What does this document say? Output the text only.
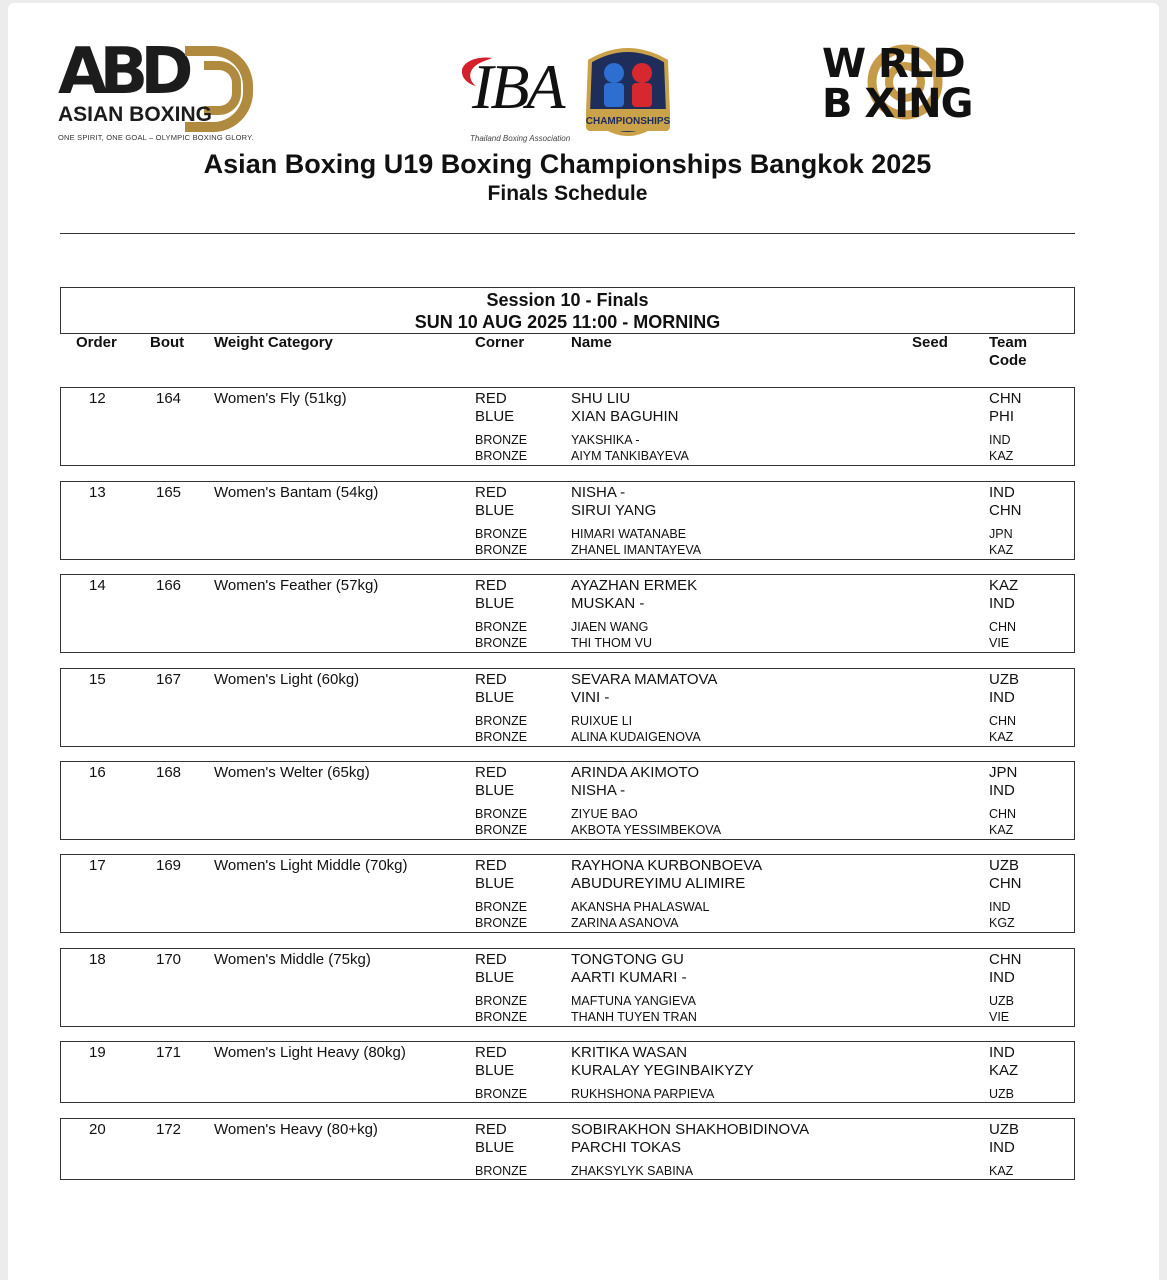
ABD
ASIAN BOXING
ONE SPIRIT, ONE GOAL – OLYMPIC BOXING GLORY.
IBA
Thailand Boxing Association
CHAMPIONSHIPS
W RLD
B XING
Asian Boxing U19 Boxing Championships Bangkok 2025
Finals Schedule
Session 10 - Finals
SUN 10 AUG 2025 11:00 - MORNING
Order Bout Weight Category	Corner	Name	Seed	Team
Code
12	164 Women's Fly (51kg)	RED	SHU LIU	CHN
BLUE	XIAN BAGUHIN	PHI
BRONZE	YAKSHIKA -	IND
BRONZE	AIYM TANKIBAYEVA	KAZ
13	165 Women's Bantam (54kg)	RED	NISHA -	IND
BLUE	SIRUI YANG	CHN
BRONZE	HIMARI WATANABE	JPN
BRONZE	ZHANEL IMANTAYEVA	KAZ
14	166 Women's Feather (57kg)	RED	AYAZHAN ERMEK	KAZ
BLUE	MUSKAN -	IND
BRONZE	JIAEN WANG	CHN
BRONZE	THI THOM VU	VIE
15	167 Women's Light (60kg)	RED	SEVARA MAMATOVA	UZB
BLUE	VINI -	IND
BRONZE	RUIXUE LI	CHN
BRONZE	ALINA KUDAIGENOVA	KAZ
16	168 Women's Welter (65kg)	RED	ARINDA AKIMOTO	JPN
BLUE	NISHA -	IND
BRONZE	ZIYUE BAO	CHN
BRONZE	AKBOTA YESSIMBEKOVA	KAZ
17	169 Women's Light Middle (70kg)	RED	RAYHONA KURBONBOEVA	UZB
BLUE	ABUDUREYIMU ALIMIRE	CHN
BRONZE	AKANSHA PHALASWAL	IND
BRONZE	ZARINA ASANOVA	KGZ
18	170 Women's Middle (75kg)	RED	TONGTONG GU	CHN
BLUE	AARTI KUMARI -	IND
BRONZE	MAFTUNA YANGIEVA	UZB
BRONZE	THANH TUYEN TRAN	VIE
19	171 Women's Light Heavy (80kg)	RED	KRITIKA WASAN	IND
BLUE	KURALAY YEGINBAIKYZY	KAZ
BRONZE	RUKHSHONA PARPIEVA	UZB
20	172 Women's Heavy (80+kg)	RED	SOBIRAKHON SHAKHOBIDINOVA	UZB
BLUE	PARCHI TOKAS	IND
BRONZE	ZHAKSYLYK SABINA	KAZ
